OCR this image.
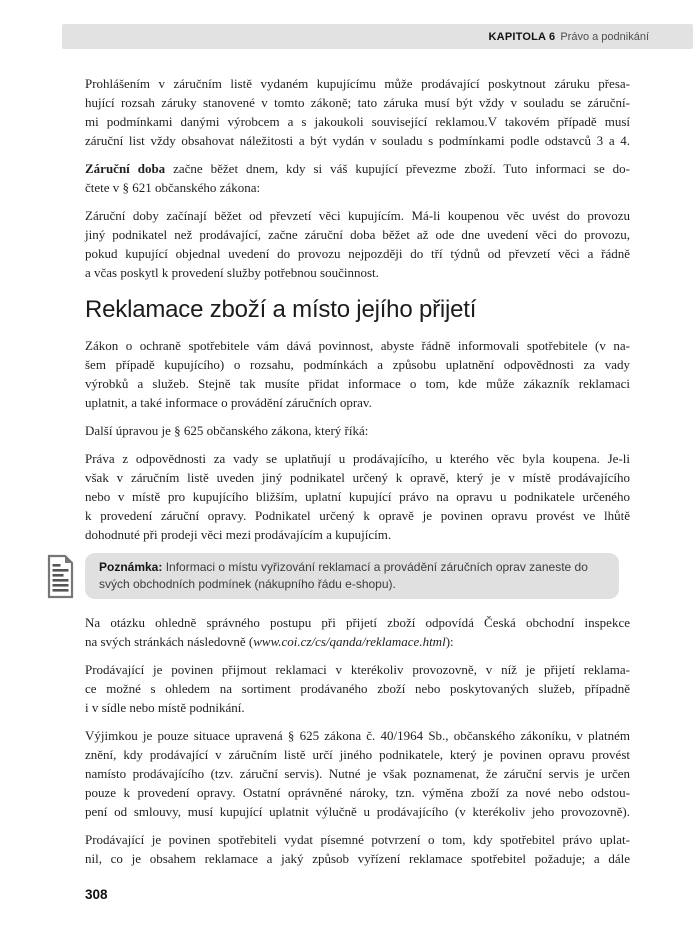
KAPITOLA 6 Právo a podnikání
Prohlášením v záručním listě vydaném kupujícímu může prodávající poskytnout záruku přesa-
hující rozsah záruky stanovené v tomto zákoně; tato záruka musí být vždy v souladu se záruční-
mi podmínkami danými výrobcem a s jakoukoli související reklamou.V takovém případě musí
záruční list vždy obsahovat náležitosti a být vydán v souladu s podmínkami podle odstavců 3 a 4.
Záruční doba začne běžet dnem, kdy si váš kupující převezme zboží. Tuto informaci se do-
čtete v § 621 občanského zákona:
Záruční doby začínají běžet od převzetí věci kupujícím. Má-li koupenou věc uvést do provozu
jiný podnikatel než prodávající, začne záruční doba běžet až ode dne uvedení věci do provozu,
pokud kupující objednal uvedení do provozu nejpozději do tří týdnů od převzetí věci a řádně
a včas poskytl k provedení služby potřebnou součinnost.
Reklamace zboží a místo jejího přijetí
Zákon o ochraně spotřebitele vám dává povinnost, abyste řádně informovali spotřebitele (v na-
šem případě kupujícího) o rozsahu, podmínkách a způsobu uplatnění odpovědnosti za vady
výrobků a služeb. Stejně tak musíte přidat informace o tom, kde může zákazník reklamaci
uplatnit, a také informace o provádění záručních oprav.
Další úpravou je § 625 občanského zákona, který říká:
Práva z odpovědnosti za vady se uplatňují u prodávajícího, u kterého věc byla koupena. Je-li
však v záručním listě uveden jiný podnikatel určený k opravě, který je v místě prodávajícího
nebo v místě pro kupujícího bližším, uplatní kupující právo na opravu u podnikatele určeného
k provedení záruční opravy. Podnikatel určený k opravě je povinen opravu provést ve lhůtě
dohodnuté při prodeji věci mezi prodávajícím a kupujícím.
Poznámka: Informaci o místu vyřizování reklamací a provádění záručních oprav zaneste do svých obchodních podmínek (nákupního řádu e-shopu).
Na otázku ohledně správného postupu při přijetí zboží odpovídá Česká obchodní inspekce
na svých stránkách následovně (www.coi.cz/cs/qanda/reklamace.html):
Prodávající je povinen přijmout reklamaci v kterékoliv provozovně, v níž je přijetí reklama-
ce možné s ohledem na sortiment prodávaného zboží nebo poskytovaných služeb, případně
i v sídle nebo místě podnikání.
Výjimkou je pouze situace upravená § 625 zákona č. 40/1964 Sb., občanského zákoníku, v platném
znění, kdy prodávající v záručním listě určí jiného podnikatele, který je povinen opravu provést
namísto prodávajícího (tzv. záruční servis). Nutné je však poznamenat, že záruční servis je určen
pouze k provedení opravy. Ostatní oprávněné nároky, tzn. výměna zboží za nové nebo odstou-
pení od smlouvy, musí kupující uplatnit výlučně u prodávajícího (v kterékoliv jeho provozovně).
Prodávající je povinen spotřebiteli vydat písemné potvrzení o tom, kdy spotřebitel právo uplat-
nil, co je obsahem reklamace a jaký způsob vyřízení reklamace spotřebitel požaduje; a dále
308
